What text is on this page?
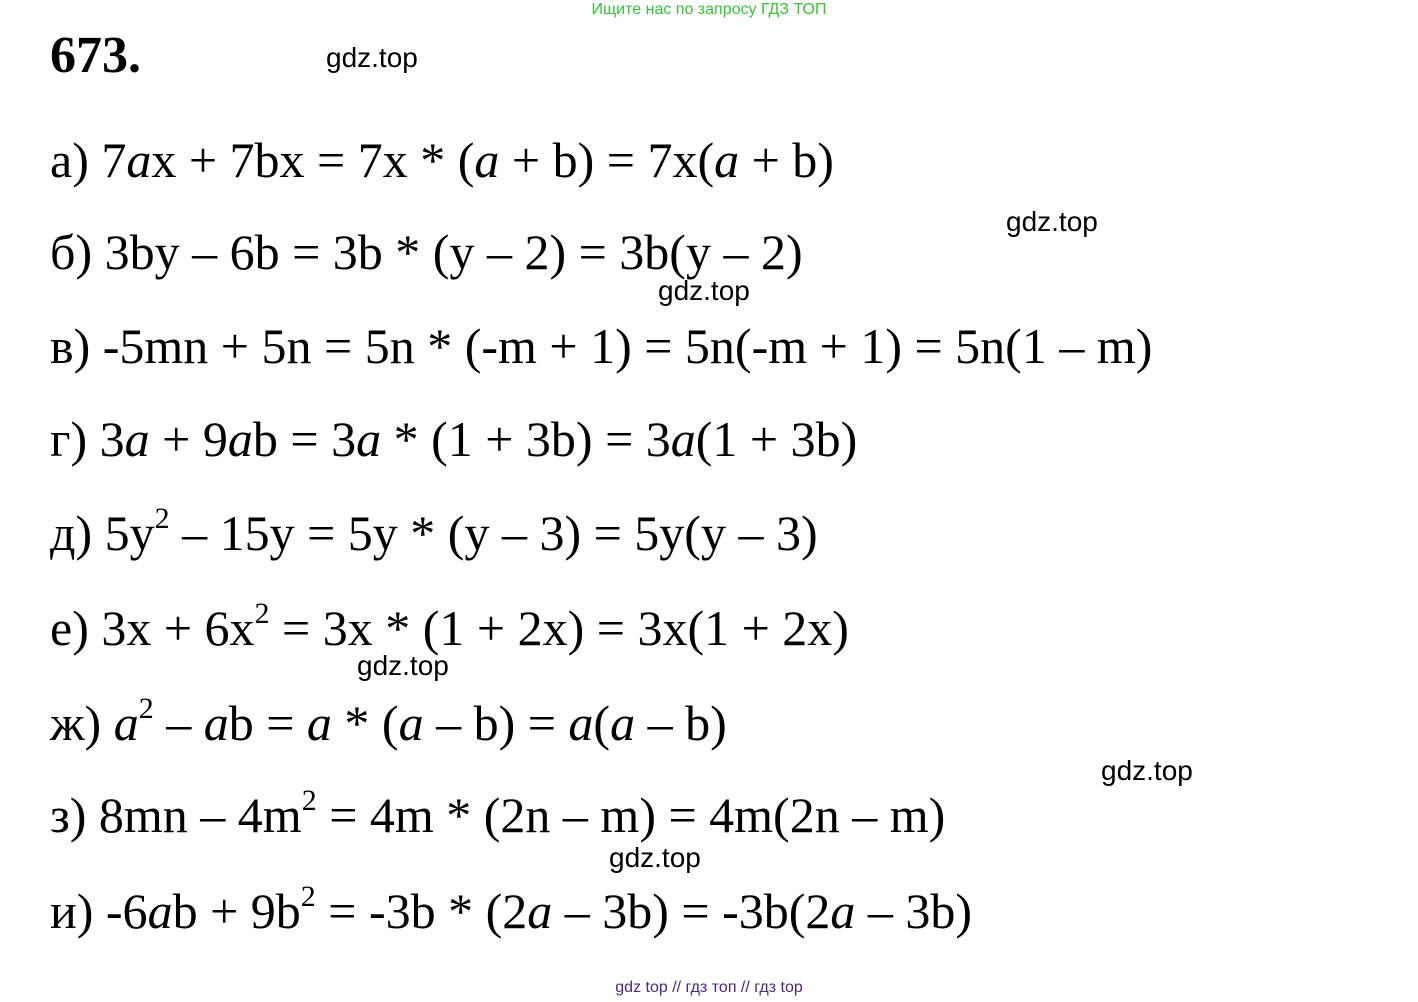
Ищите нас по запросу ГДЗ ТОП
673.	gdz.top
а) 7ax + 7bx = 7x * (a + b) = 7x(a + b)
gdz.top
б) 3by – 6b = 3b * (y – 2) = 3b(y – 2)
gdz.top
в) -5mn + 5n = 5n * (-m + 1) = 5n(-m + 1) = 5n(1 – m)
г) 3a + 9ab = 3a * (1 + 3b) = 3a(1 + 3b)
д) $5y^2 - 15y = 5y * (y - 3) = 5y(y - 3)$
е) $3x + 6x^2 = 3x * (1 + 2x) = 3x(1 + 2x)$
gdz.top
ж) $a^2$ – ab = a * (a – b) = a(a – b)
gdz.top
з) $8mn - 4m^2 = 4m * (2n - m) = 4m(2n - m)$
gdz.top
и) $-6ab + 9b^2 = -3b * (2a - 3b) = -3b(2a - 3b)$
gdz top // гдз топ // гдз top
